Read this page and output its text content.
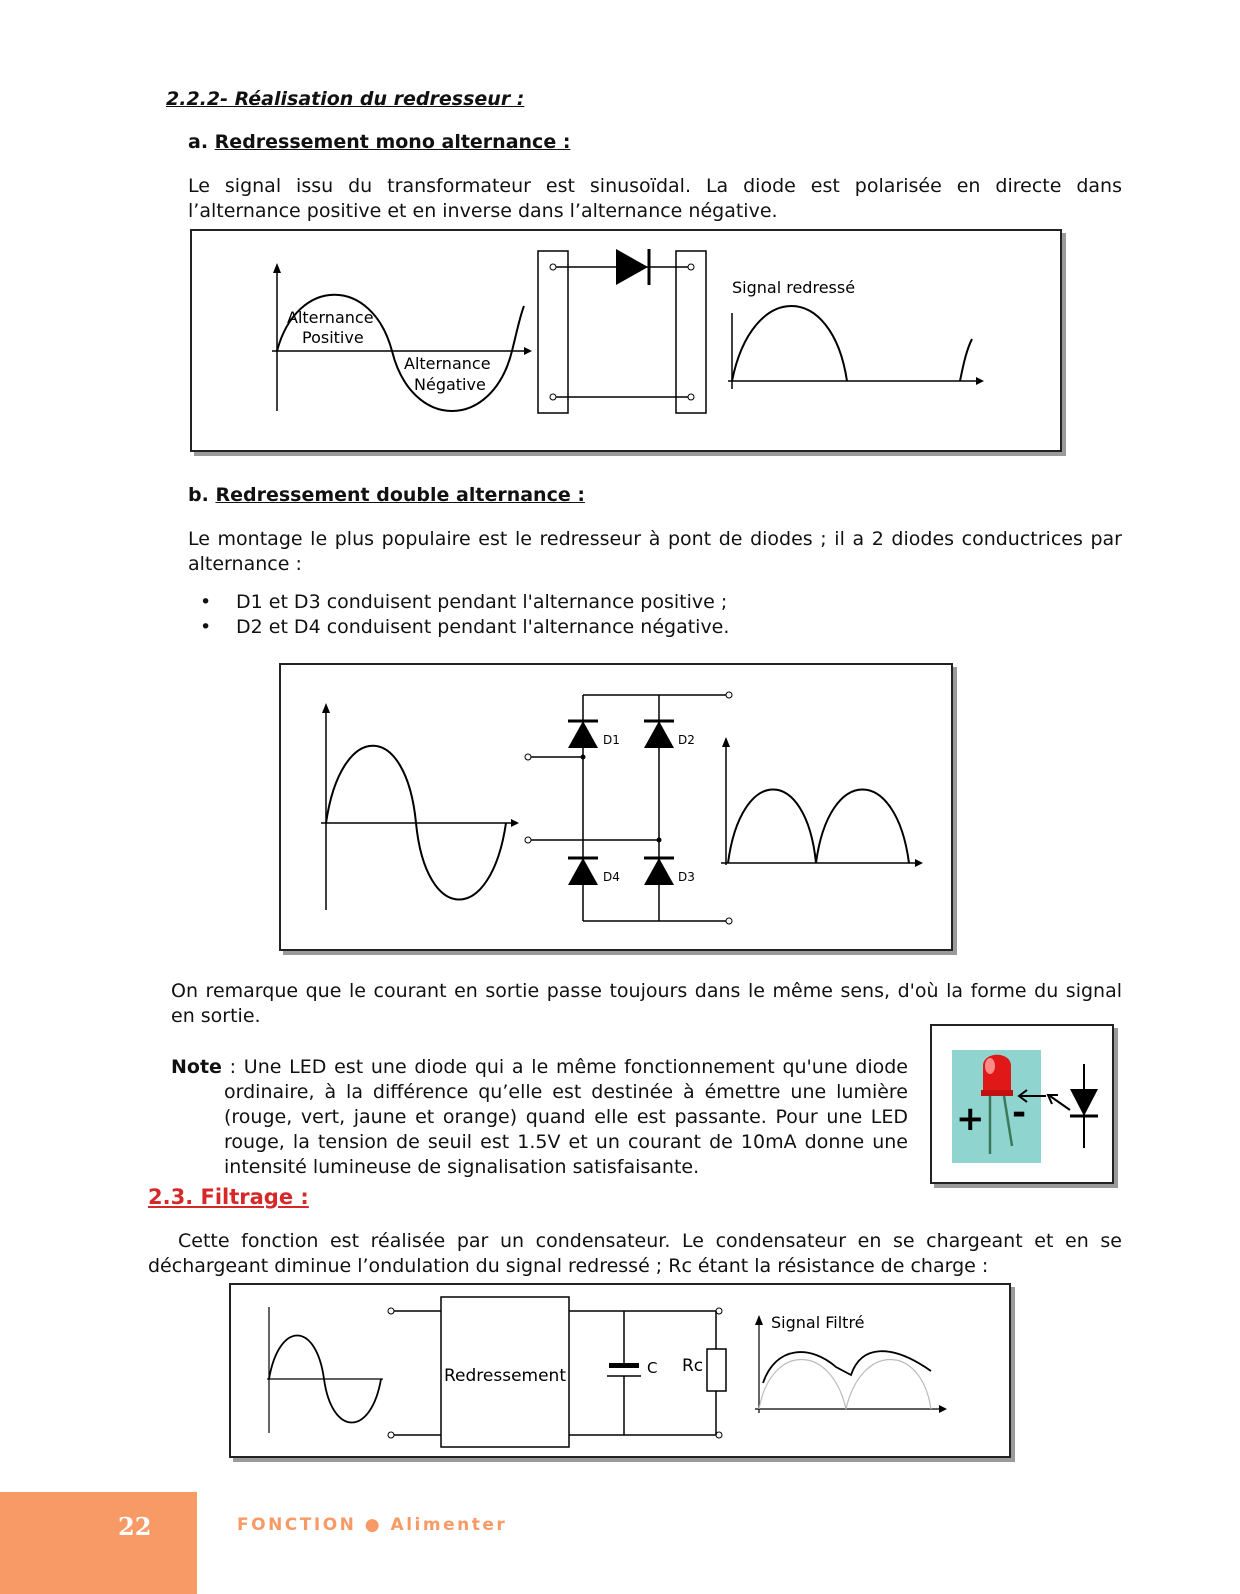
2.2.2- Réalisation du redresseur :
a. Redressement mono alternance :
Le signal issu du transformateur est sinusoïdal. La diode est polarisée en directe dans l’alternance positive et en inverse dans l’alternance négative.
Alternance
Positive
Alternance
Négative
Signal redressé
b. Redressement double alternance :
Le montage le plus populaire est le redresseur à pont de diodes ; il a 2 diodes conductrices par alternance :
• D1 et D3 conduisent pendant l'alternance positive ;
• D2 et D4 conduisent pendant l'alternance négative.
D1	D2
D4	D3
On remarque que le courant en sortie passe toujours dans le même sens, d'où la forme du signal en sortie.
Note : Une LED est une diode qui a le même fonctionnement qu'une diode ordinaire, à la différence qu’elle est destinée à émettre une lumière (rouge, vert, jaune et orange) quand elle est passante. Pour une LED rouge, la tension de seuil est 1.5V et un courant de 10mA donne une intensité lumineuse de signalisation satisfaisante.
+ -
2.3. Filtrage :
Cette fonction est réalisée par un condensateur. Le condensateur en se chargeant et en se déchargeant diminue l’ondulation du signal redressé ; Rc étant la résistance de charge :
Redressement	C Rc
Signal Filtré
22	FONCTION ● Alimenter
